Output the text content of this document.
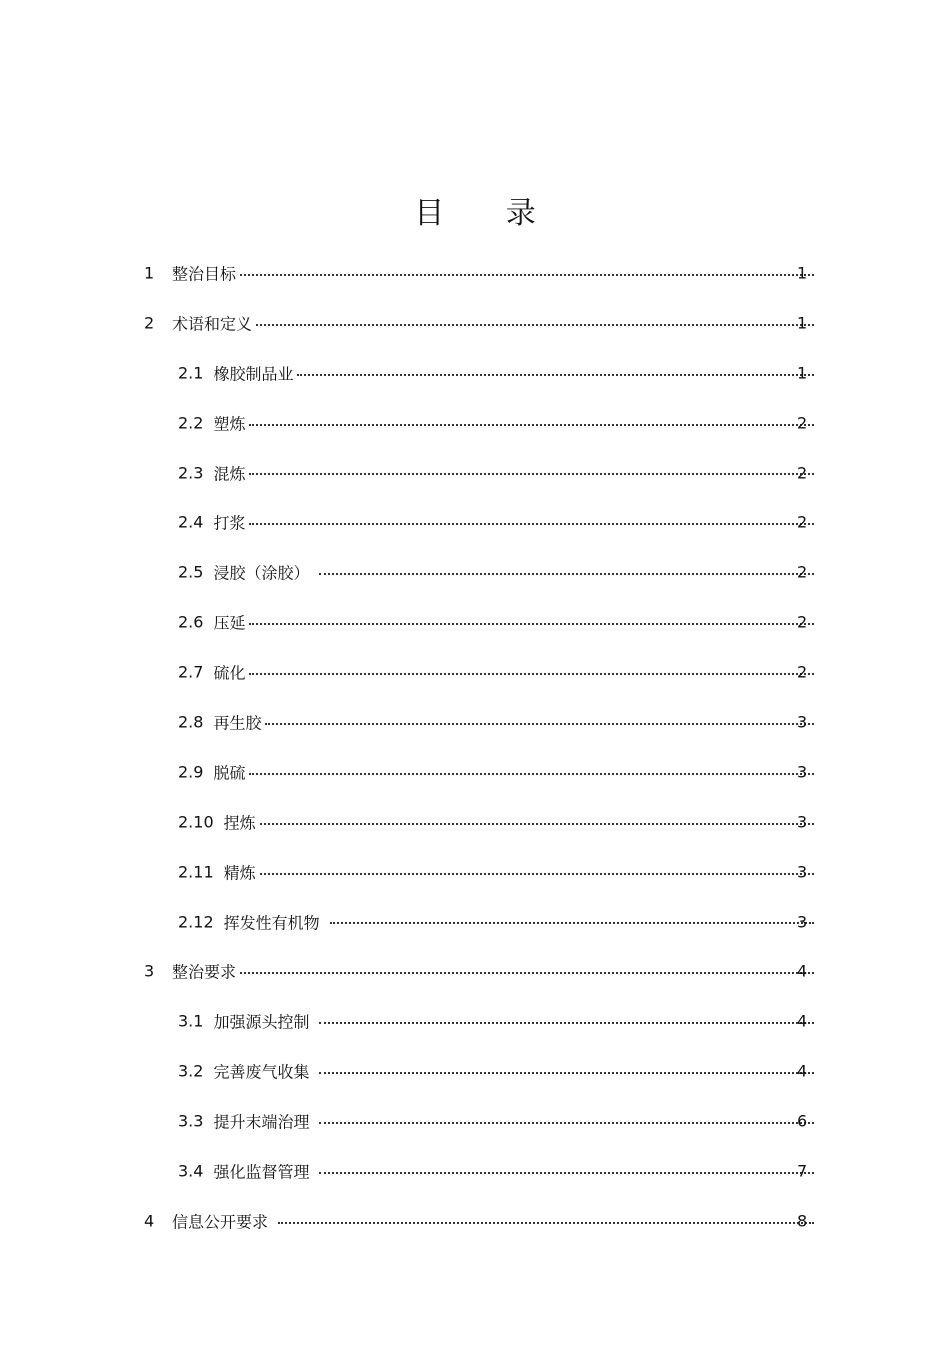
目 录
1 整治目标	1
2 术语和定义	1
2.1 橡胶制品业	1
2.2 塑炼	2
2.3 混炼	2
2.4 打浆	2
2.5 浸胶（涂胶）	2
2.6 压延	2
2.7 硫化	2
2.8 再生胶	3
2.9 脱硫	3
2.10 捏炼	3
2.11 精炼	3
2.12 挥发性有机物	3
3 整治要求	4
3.1 加强源头控制	4
3.2 完善废气收集	4
3.3 提升末端治理	6
3.4 强化监督管理	7
4 信息公开要求	8
